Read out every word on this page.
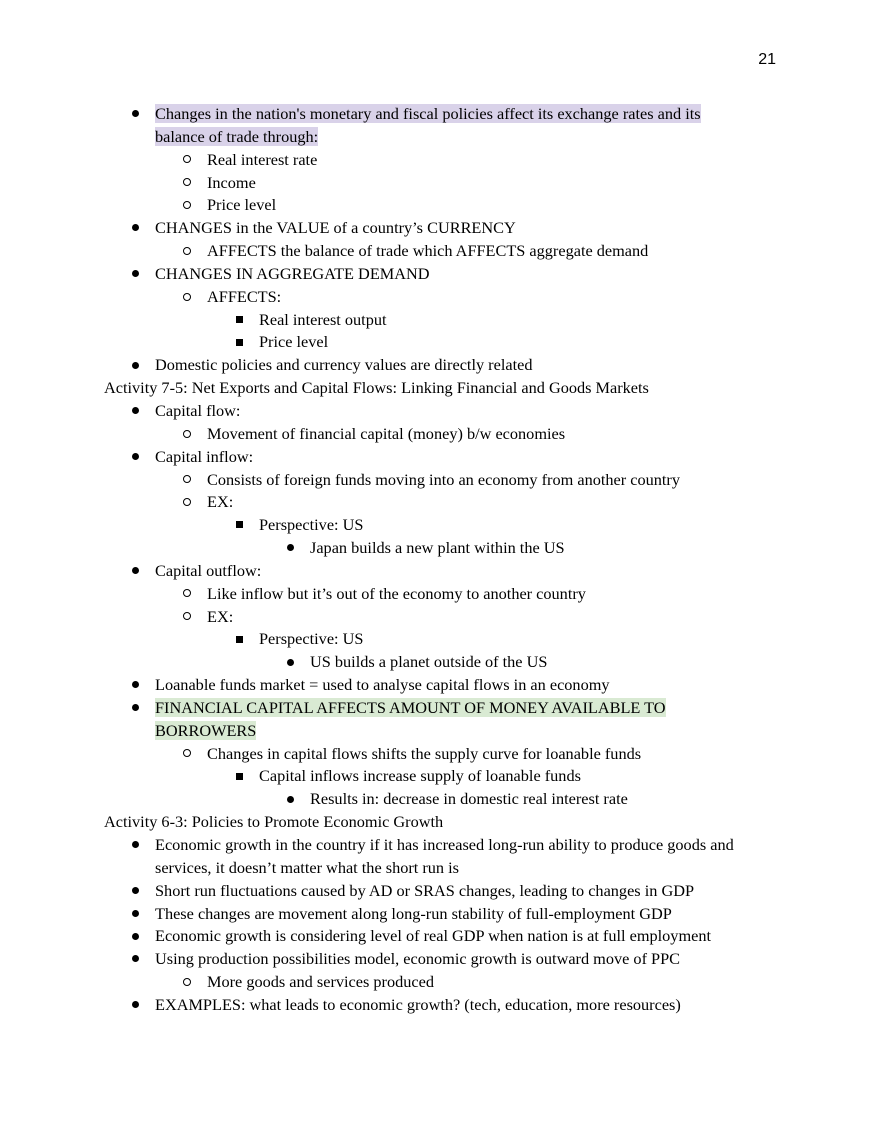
21
Changes in the nation's monetary and fiscal policies affect its exchange rates and its
balance of trade through:
Real interest rate
Income
Price level
CHANGES in the VALUE of a country’s CURRENCY
AFFECTS the balance of trade which AFFECTS aggregate demand
CHANGES IN AGGREGATE DEMAND
AFFECTS:
Real interest output
Price level
Domestic policies and currency values are directly related
Activity 7-5: Net Exports and Capital Flows: Linking Financial and Goods Markets
Capital flow:
Movement of financial capital (money) b/w economies
Capital inflow:
Consists of foreign funds moving into an economy from another country
EX:
Perspective: US
Japan builds a new plant within the US
Capital outflow:
Like inflow but it’s out of the economy to another country
EX:
Perspective: US
US builds a planet outside of the US
Loanable funds market = used to analyse capital flows in an economy
FINANCIAL CAPITAL AFFECTS AMOUNT OF MONEY AVAILABLE TO
BORROWERS
Changes in capital flows shifts the supply curve for loanable funds
Capital inflows increase supply of loanable funds
Results in: decrease in domestic real interest rate
Activity 6-3: Policies to Promote Economic Growth
Economic growth in the country if it has increased long-run ability to produce goods and
services, it doesn’t matter what the short run is
Short run fluctuations caused by AD or SRAS changes, leading to changes in GDP
These changes are movement along long-run stability of full-employment GDP
Economic growth is considering level of real GDP when nation is at full employment
Using production possibilities model, economic growth is outward move of PPC
More goods and services produced
EXAMPLES: what leads to economic growth? (tech, education, more resources)
